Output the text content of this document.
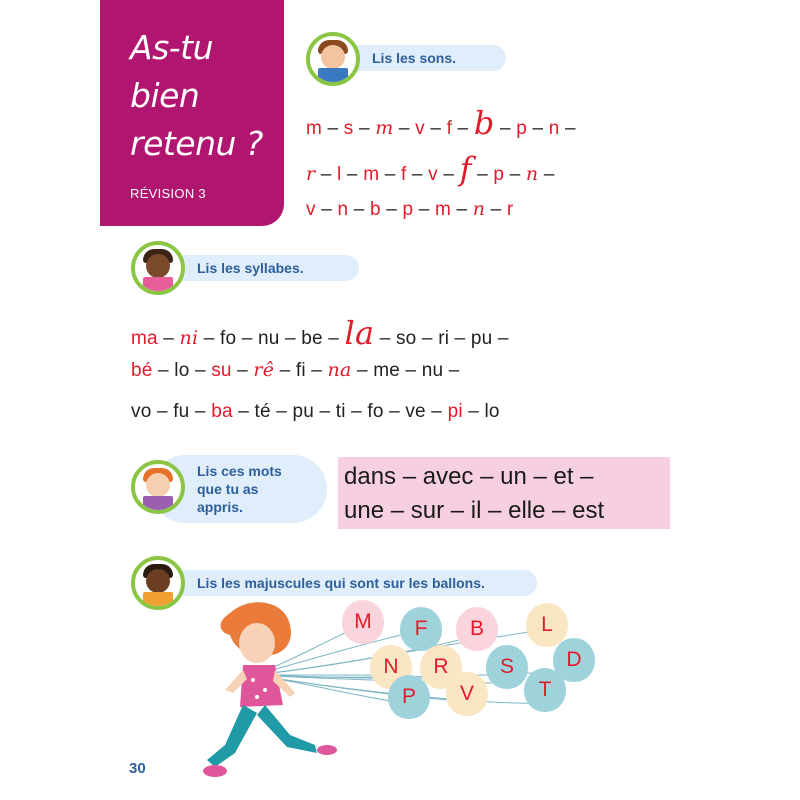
As-tu
bien
retenu ?
RÉVISION 3
Lis les sons.
m – s – m – v – f – b – p – n –
r – l – m – f – v – f – p – n –
v – n – b – p – m – n – r
Lis les syllabes.
ma – ni – fo – nu – be – la – so – ri – pu –
bé – lo – su – rê – fi – na – me – nu –
vo – fu – ba – té – pu – ti – fo – ve – pi – lo
Lis ces mots
que tu as
appris.
dans – avec – un – et –
une – sur – il – elle – est
Lis les majuscules qui sont sur les ballons.
M	F	B	L
N	R	S	D
P	V	T
30
